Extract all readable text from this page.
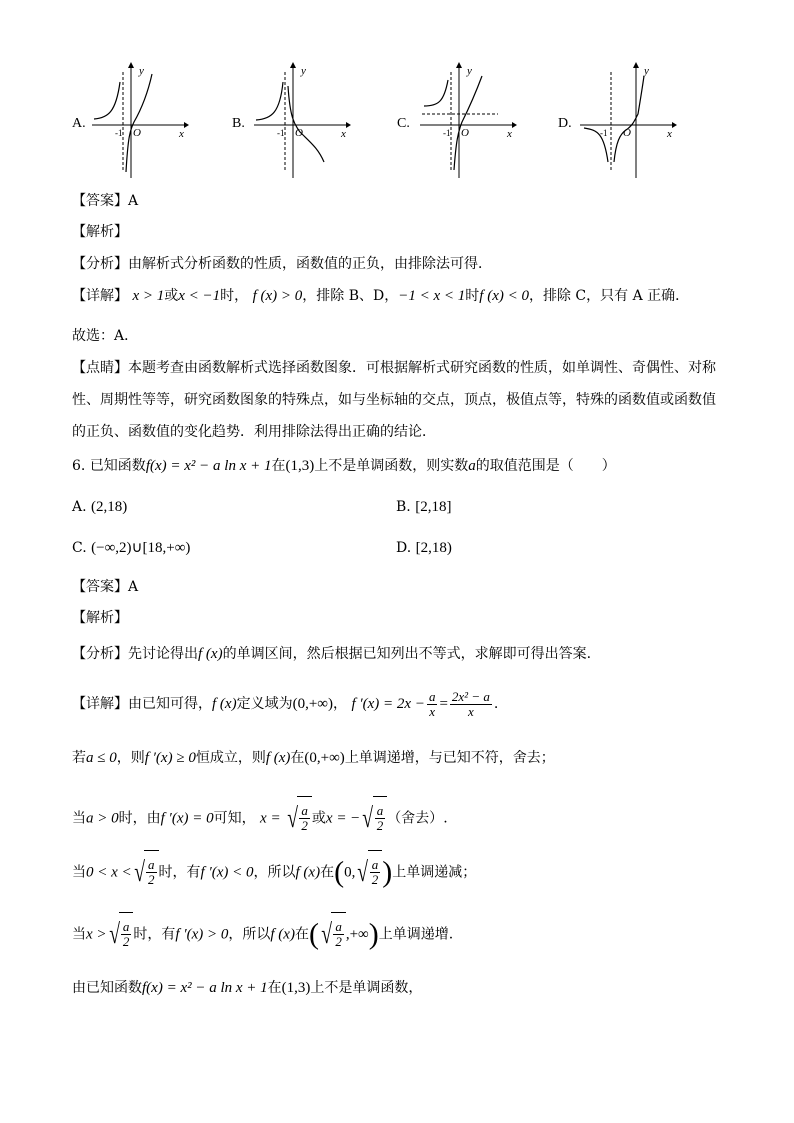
A.
y
x
O
-1
B.
y
x
O
-1
C.
y
x
O
-1
D.
y
x
O
-1
【答案】A
【解析】
【分析】由解析式分析函数的性质，函数值的正负，由排除法可得．
【详解】 x > 1或x < −1时， f (x) > 0，排除 B、D，−1 < x < 1时f (x) < 0，排除 C，只有 A 正确．
故选：A．
【点睛】本题考查由函数解析式选择函数图象．可根据解析式研究函数的性质，如单调性、奇偶性、对称
性、周期性等等，研究函数图象的特殊点，如与坐标轴的交点，顶点，极值点等，特殊的函数值或函数值
的正负、函数值的变化趋势．利用排除法得出正确的结论．
6. 已知函数f(x) = x² − a ln x + 1在(1,3)上不是单调函数，则实数a的取值范围是（　　）
A. (2,18)	B. [2,18]
C. (−∞,2)∪[18,+∞)	D. [2,18)
【答案】A
【解析】
【分析】先讨论得出f (x)的单调区间，然后根据已知列出不等式，求解即可得出答案.
【详解】由已知可得，f (x)定义域为(0,+∞)， f $'(x) = 2x - \frac{a}{x} = \frac{\text{2x² − a}}{x}$ .
若a ≤ 0，则f ′(x) ≥ 0恒成立，则f (x)在(0,+∞)上单调递增，与已知不符，舍去；
当a > 0时，由f ′(x) = 0可知， x = √ $\frac{a}{2}$ 或x = −√ $\frac{a}{2}$ （舍去）.
当0 < x <√ $\frac{a}{2}$ 时，有f ′(x) < 0，所以f (x)在($0,√ \frac{a}{2}$ )上单调递减；
当x >√ $\frac{a}{2}$ 时，有f ′(x) > 0，所以f (x)在(√ $\frac{a}{2}$ ,+∞)上单调递增.
由已知函数f(x) = x² − a ln x + 1在(1,3)上不是单调函数，
